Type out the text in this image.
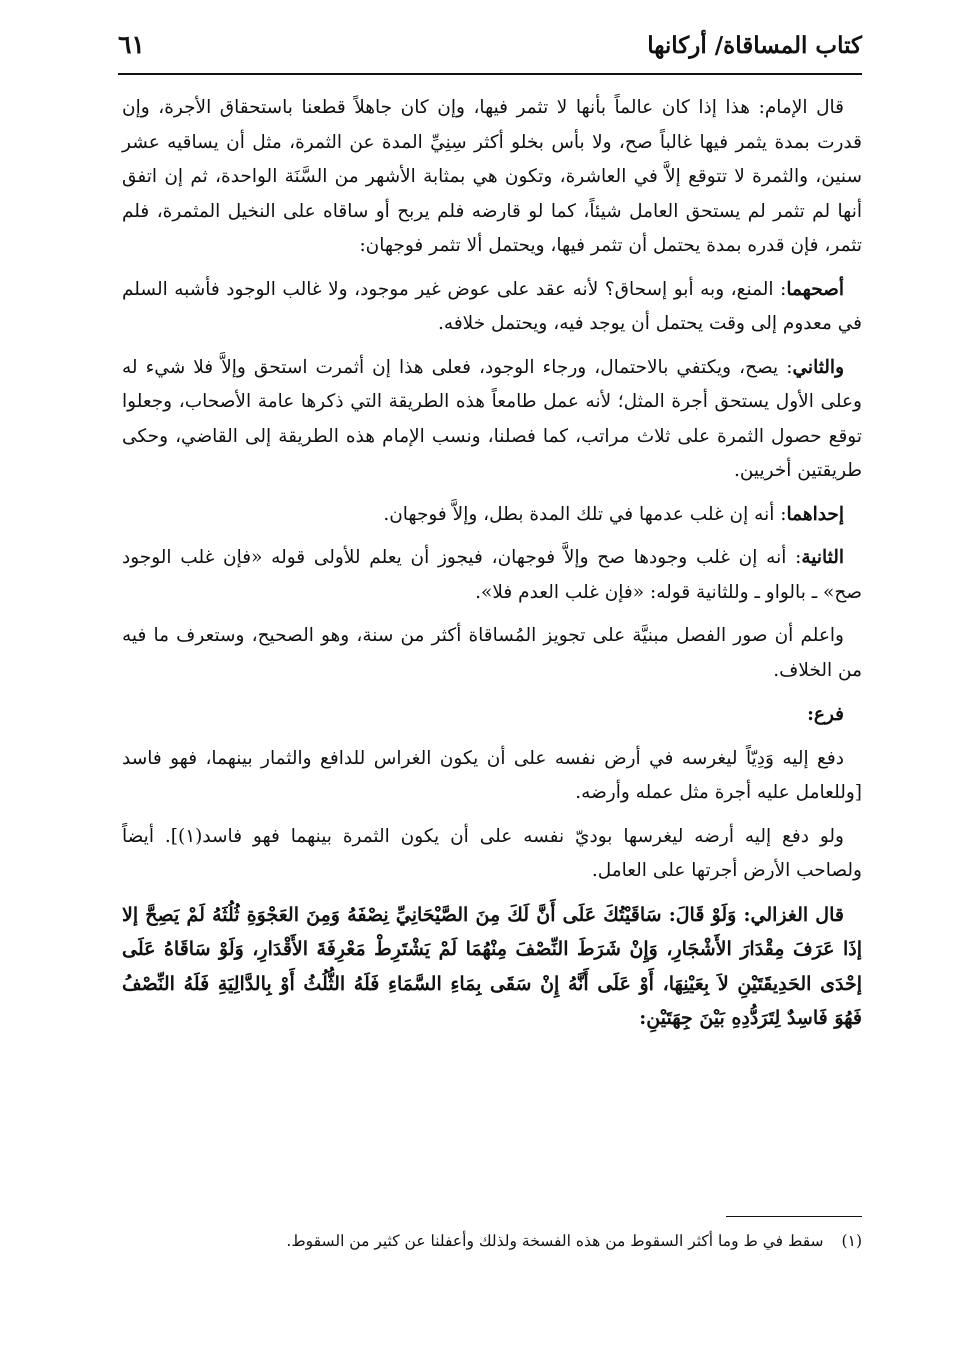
كتاب المساقاة/ أركانها
٦١

قال الإمام: هذا إذا كان عالماً بأنها لا تثمر فيها، وإن كان جاهلاً قطعنا باستحقاق الأجرة، وإن قدرت بمدة يثمر فيها غالباً صح، ولا بأس بخلو أكثر سِنِيِّ المدة عن الثمرة، مثل أن يساقيه عشر سنين، والثمرة لا تتوقع إلاَّ في العاشرة، وتكون هي بمثابة الأشهر من السَّنَة الواحدة، ثم إن اتفق أنها لم تثمر لم يستحق العامل شيئاً، كما لو قارضه فلم يربح أو ساقاه على النخيل المثمرة، فلم تثمر، فإن قدره بمدة يحتمل أن تثمر فيها، ويحتمل ألا تثمر فوجهان:

أصحهما: المنع، وبه أبو إسحاق؟ لأنه عقد على عوض غير موجود، ولا غالب الوجود فأشبه السلم في معدوم إلى وقت يحتمل أن يوجد فيه، ويحتمل خلافه.

والثاني: يصح، ويكتفي بالاحتمال، ورجاء الوجود، فعلى هذا إن أثمرت استحق وإلاَّ فلا شيء له وعلى الأول يستحق أجرة المثل؛ لأنه عمل طامعاً هذه الطريقة التي ذكرها عامة الأصحاب، وجعلوا توقع حصول الثمرة على ثلاث مراتب، كما فصلنا، ونسب الإمام هذه الطريقة إلى القاضي، وحكى طريقتين أخريين.

إحداهما: أنه إن غلب عدمها في تلك المدة بطل، وإلاَّ فوجهان.

الثانية: أنه إن غلب وجودها صح وإلاَّ فوجهان، فيجوز أن يعلم للأولى قوله «فإن غلب الوجود صح» ـ بالواو ـ وللثانية قوله: «فإن غلب العدم فلا».

واعلم أن صور الفصل مبنيَّة على تجويز المُساقاة أكثر من سنة، وهو الصحيح، وستعرف ما فيه من الخلاف.

فرع:

دفع إليه وَدِيّاً ليغرسه في أرض نفسه على أن يكون الغراس للدافع والثمار بينهما، فهو فاسد [وللعامل عليه أجرة مثل عمله وأرضه.

ولو دفع إليه أرضه ليغرسها بوديّ نفسه على أن يكون الثمرة بينهما فهو فاسد(١)]. أيضاً ولصاحب الأرض أجرتها على العامل.

قال الغزالي: وَلَوْ قَالَ: سَاقَيْتُكَ عَلَى أَنَّ لَكَ مِنَ الصَّيْحَانِيِّ نِصْفَهُ وَمِنَ العَجْوَةِ ثُلُثَهُ لَمْ يَصِحَّ إلا إذَا عَرَفَ مِقْدَارَ الأَشْجَارِ، وَإِنْ شَرَطَ النِّصْفَ مِنْهُمَا لَمْ يَشْتَرِطْ مَعْرِفَةَ الأَقْدَارِ، وَلَوْ سَاقَاهُ عَلَى إحْدَى الحَدِيقَتَيْنِ لاَ بِعَيْنِهَا، أَوْ عَلَى أَنَّهُ إِنْ سَقَى بِمَاءِ السَّمَاءِ فَلَهُ الثُّلُثُ أَوْ بِالدَّالِيَةِ فَلَهُ النِّصْفُ فَهُوَ فَاسِدٌ لِتَرَدُّدِهِ بَيْنَ جِهَتَيْنِ:

(١)سقط في ط وما أكثر السقوط من هذه الفسخة ولذلك وأعفلنا عن كثير من السقوط.
